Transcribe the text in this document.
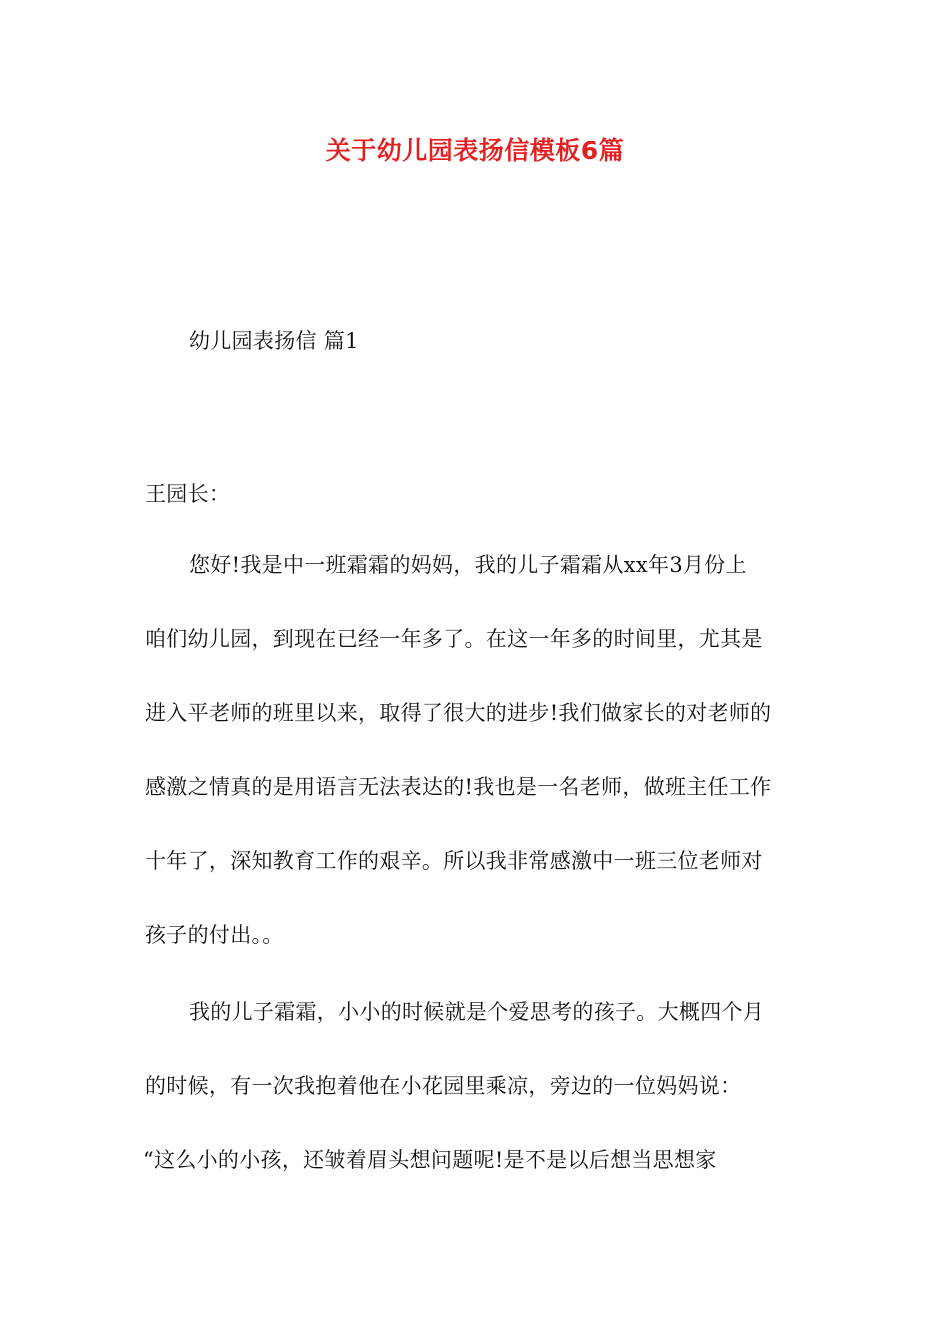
关于幼儿园表扬信模板6篇
幼儿园表扬信 篇1
王园长：
您好!我是中一班霜霜的妈妈，我的儿子霜霜从xx年3月份上
咱们幼儿园，到现在已经一年多了。在这一年多的时间里，尤其是
进入平老师的班里以来，取得了很大的进步!我们做家长的对老师的
感激之情真的是用语言无法表达的!我也是一名老师，做班主任工作
十年了，深知教育工作的艰辛。所以我非常感激中一班三位老师对
孩子的付出。。
我的儿子霜霜，小小的时候就是个爱思考的孩子。大概四个月
的时候，有一次我抱着他在小花园里乘凉，旁边的一位妈妈说：
“这么小的小孩，还皱着眉头想问题呢!是不是以后想当思想家
